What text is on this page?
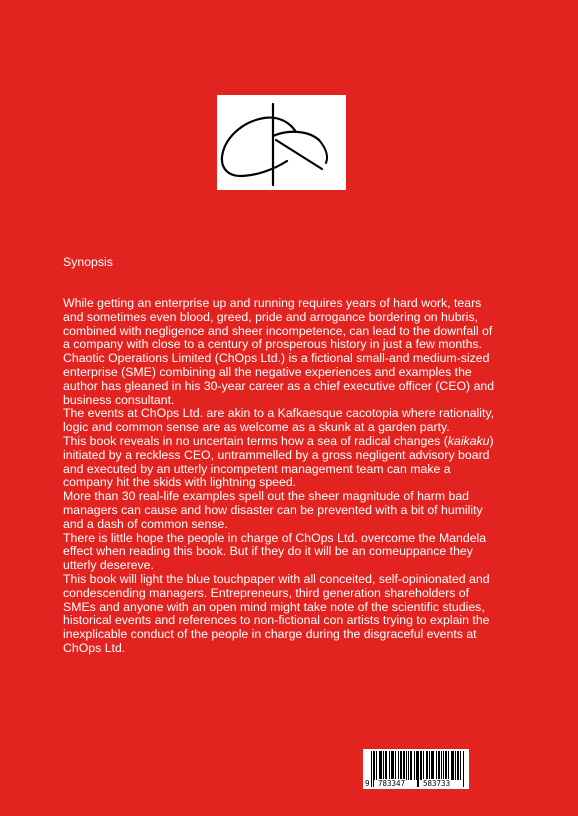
Synopsis

While getting an enterprise up and running requires years of hard work, tears

and sometimes even blood, greed, pride and arrogance bordering on hubris,

combined with negligence and sheer incompetence, can lead to the downfall of

a company with close to a century of prosperous history in just a few months.

Chaotic Operations Limited (ChOps Ltd.) is a fictional small-and medium-sized

enterprise (SME) combining all the negative experiences and examples the

author has gleaned in his 30-year career as a chief executive officer (CEO) and

business consultant.

The events at ChOps Ltd. are akin to a Kafkaesque cacotopia where rationality,

logic and common sense are as welcome as a skunk at a garden party.

This book reveals in no uncertain terms how a sea of radical changes (kaikaku)

initiated by a reckless CEO, untrammelled by a gross negligent advisory board

and executed by an utterly incompetent management team can make a

company hit the skids with lightning speed.

More than 30 real-life examples spell out the sheer magnitude of harm bad

managers can cause and how disaster can be prevented with a bit of humility

and a dash of common sense.

There is little hope the people in charge of ChOps Ltd. overcome the Mandela

effect when reading this book. But if they do it will be an comeuppance they

utterly desereve.

This book will light the blue touchpaper with all conceited, self-opinionated and

condescending managers. Entrepreneurs, third generation shareholders of

SMEs and anyone with an open mind might take note of the scientific studies,

historical events and references to non-fictional con artists trying to explain the

inexplicable conduct of the people in charge during the disgraceful events at

ChOps Ltd.

9 783347 583733
